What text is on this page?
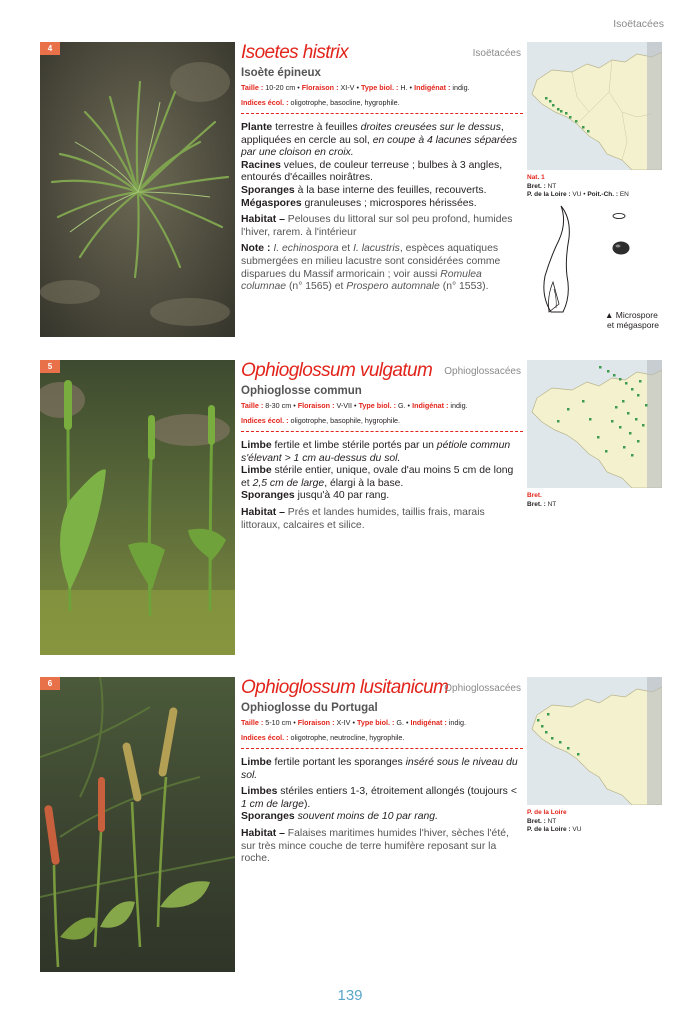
Isoëtacées
4	Isoetes histrix	Isoëtacées
Isoète épineux
Taille : 10-20 cm • Floraison : XI-V • Type biol. : H. • Indigénat : indig.
Indices écol. : oligotrophe, basocline, hygrophile.

Plante terrestre à feuilles droites creusées sur le dessus, appliquées en cercle au sol, en coupe à 4 lacunes séparées par une cloison en croix.

Racines velues, de couleur terreuse ; bulbes à 3 angles, entourés d'écailles noirâtres.

Sporanges à la base interne des feuilles, recouverts.

Mégaspores granuleuses ; microspores hérissées.

Habitat – Pelouses du littoral sur sol peu profond, humides l'hiver, rarem. à l'intérieur

Note : I. echinospora et I. lacustris, espèces aquatiques submergées en milieu lacustre sont considérées comme disparues du Massif armoricain ; voir aussi Romulea columnae (n° 1565) et Prospero automnale (n° 1553).

Nat. 1
Bret. : NT
P. de la Loire : VU • Poit.-Ch. : EN
▲ Microspore
et mégaspore
5	Ophioglossum vulgatum Ophioglossacées
Ophioglosse commun
Taille : 8-30 cm • Floraison : V-VII • Type biol. : G. • Indigénat : indig.
Indices écol. : oligotrophe, basophile, hygrophile.

Limbe fertile et limbe stérile portés par un pétiole commun s'élevant > 1 cm au-dessus du sol.

Limbe stérile entier, unique, ovale d'au moins 5 cm de long et 2,5 cm de large, élargi à la base.

Sporanges jusqu'à 40 par rang.

Habitat – Prés et landes humides, taillis frais, marais littoraux, calcaires et silice.

Bret.
Bret. : NT
6	Ophioglossum lusitanicum
Ophioglossacées
Ophioglosse du Portugal
Taille : 5-10 cm • Floraison : X-IV • Type biol. : G. • Indigénat : indig.
Indices écol. : oligotrophe, neutrocline, hygrophile.

Limbe fertile portant les sporanges inséré sous le niveau du sol.

Limbes stériles entiers 1-3, étroitement allongés (toujours < 1 cm de large).

Sporanges souvent moins de 10 par rang.

Habitat – Falaises maritimes humides l'hiver, sèches l'été, sur très mince couche de terre humifère reposant sur la roche.

P. de la Loire
Bret. : NT
P. de la Loire : VU
139
